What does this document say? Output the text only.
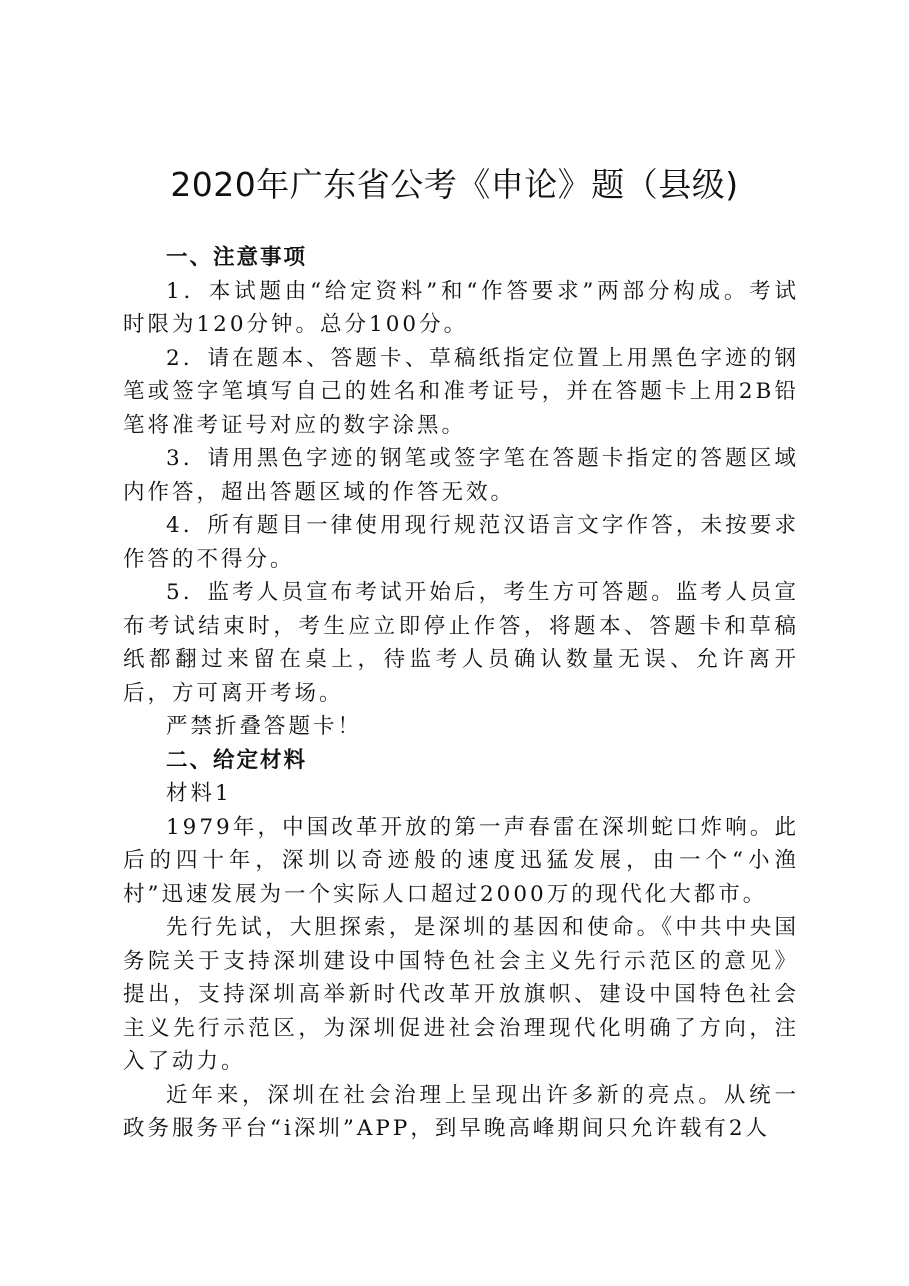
2020年广东省公考《申论》题（县级)

一、注意事项

1．本试题由“给定资料”和“作答要求”两部分构成。考试时限为120分钟。总分100分。

2．请在题本、答题卡、草稿纸指定位置上用黑色字迹的钢笔或签字笔填写自己的姓名和准考证号，并在答题卡上用2B铅笔将准考证号对应的数字涂黑。

3．请用黑色字迹的钢笔或签字笔在答题卡指定的答题区域内作答，超出答题区域的作答无效。

4．所有题目一律使用现行规范汉语言文字作答，未按要求作答的不得分。

5．监考人员宣布考试开始后，考生方可答题。监考人员宣布考试结束时，考生应立即停止作答，将题本、答题卡和草稿纸都翻过来留在桌上，待监考人员确认数量无误、允许离开后，方可离开考场。

严禁折叠答题卡！

二、给定材料

材料1

1979年，中国改革开放的第一声春雷在深圳蛇口炸响。此后的四十年，深圳以奇迹般的速度迅猛发展，由一个“小渔村”迅速发展为一个实际人口超过2000万的现代化大都市。

先行先试，大胆探索，是深圳的基因和使命。《中共中央国务院关于支持深圳建设中国特色社会主义先行示范区的意见》提出，支持深圳高举新时代改革开放旗帜、建设中国特色社会主义先行示范区，为深圳促进社会治理现代化明确了方向，注入了动力。

近年来，深圳在社会治理上呈现出许多新的亮点。从统一政务服务平台“i深圳”APP，到早晚高峰期间只允许载有2人
